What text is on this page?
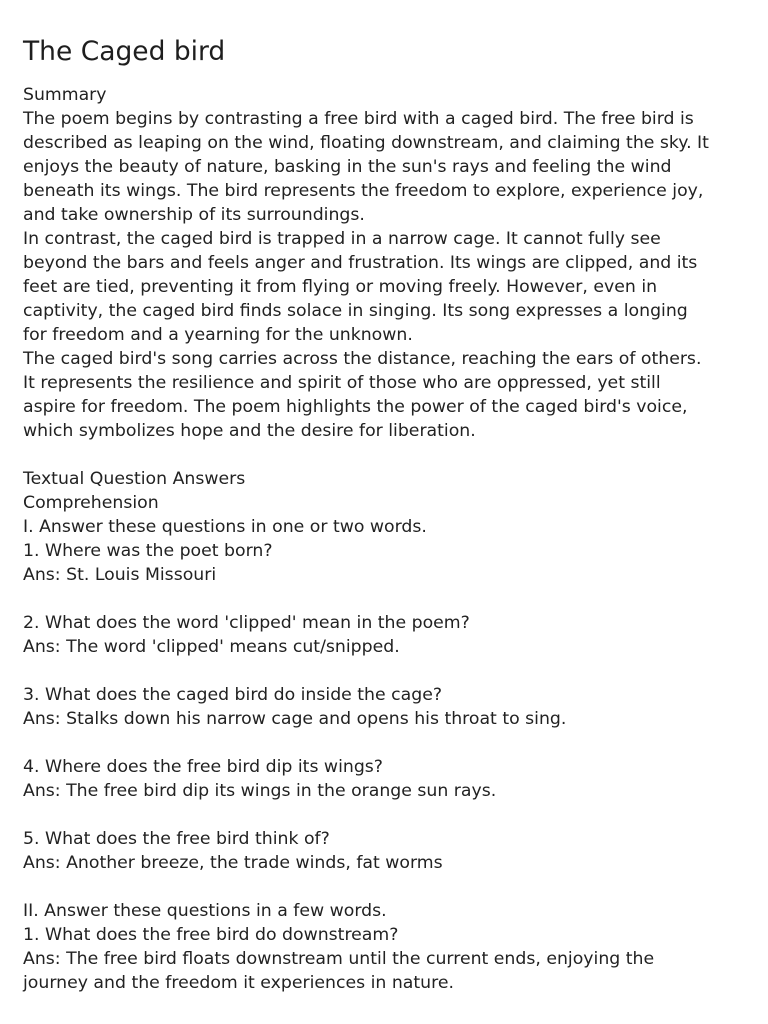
The Caged bird
Summary
The poem begins by contrasting a free bird with a caged bird. The free bird is
described as leaping on the wind, floating downstream, and claiming the sky. It
enjoys the beauty of nature, basking in the sun's rays and feeling the wind
beneath its wings. The bird represents the freedom to explore, experience joy,
and take ownership of its surroundings.
In contrast, the caged bird is trapped in a narrow cage. It cannot fully see
beyond the bars and feels anger and frustration. Its wings are clipped, and its
feet are tied, preventing it from flying or moving freely. However, even in
captivity, the caged bird finds solace in singing. Its song expresses a longing
for freedom and a yearning for the unknown.
The caged bird's song carries across the distance, reaching the ears of others.
It represents the resilience and spirit of those who are oppressed, yet still
aspire for freedom. The poem highlights the power of the caged bird's voice,
which symbolizes hope and the desire for liberation.
Textual Question Answers
Comprehension
I. Answer these questions in one or two words.
1. Where was the poet born?
Ans: St. Louis Missouri
2. What does the word 'clipped' mean in the poem?
Ans: The word 'clipped' means cut/snipped.
3. What does the caged bird do inside the cage?
Ans: Stalks down his narrow cage and opens his throat to sing.
4. Where does the free bird dip its wings?
Ans: The free bird dip its wings in the orange sun rays.
5. What does the free bird think of?
Ans: Another breeze, the trade winds, fat worms
II. Answer these questions in a few words.
1. What does the free bird do downstream?
Ans: The free bird floats downstream until the current ends, enjoying the
journey and the freedom it experiences in nature.
